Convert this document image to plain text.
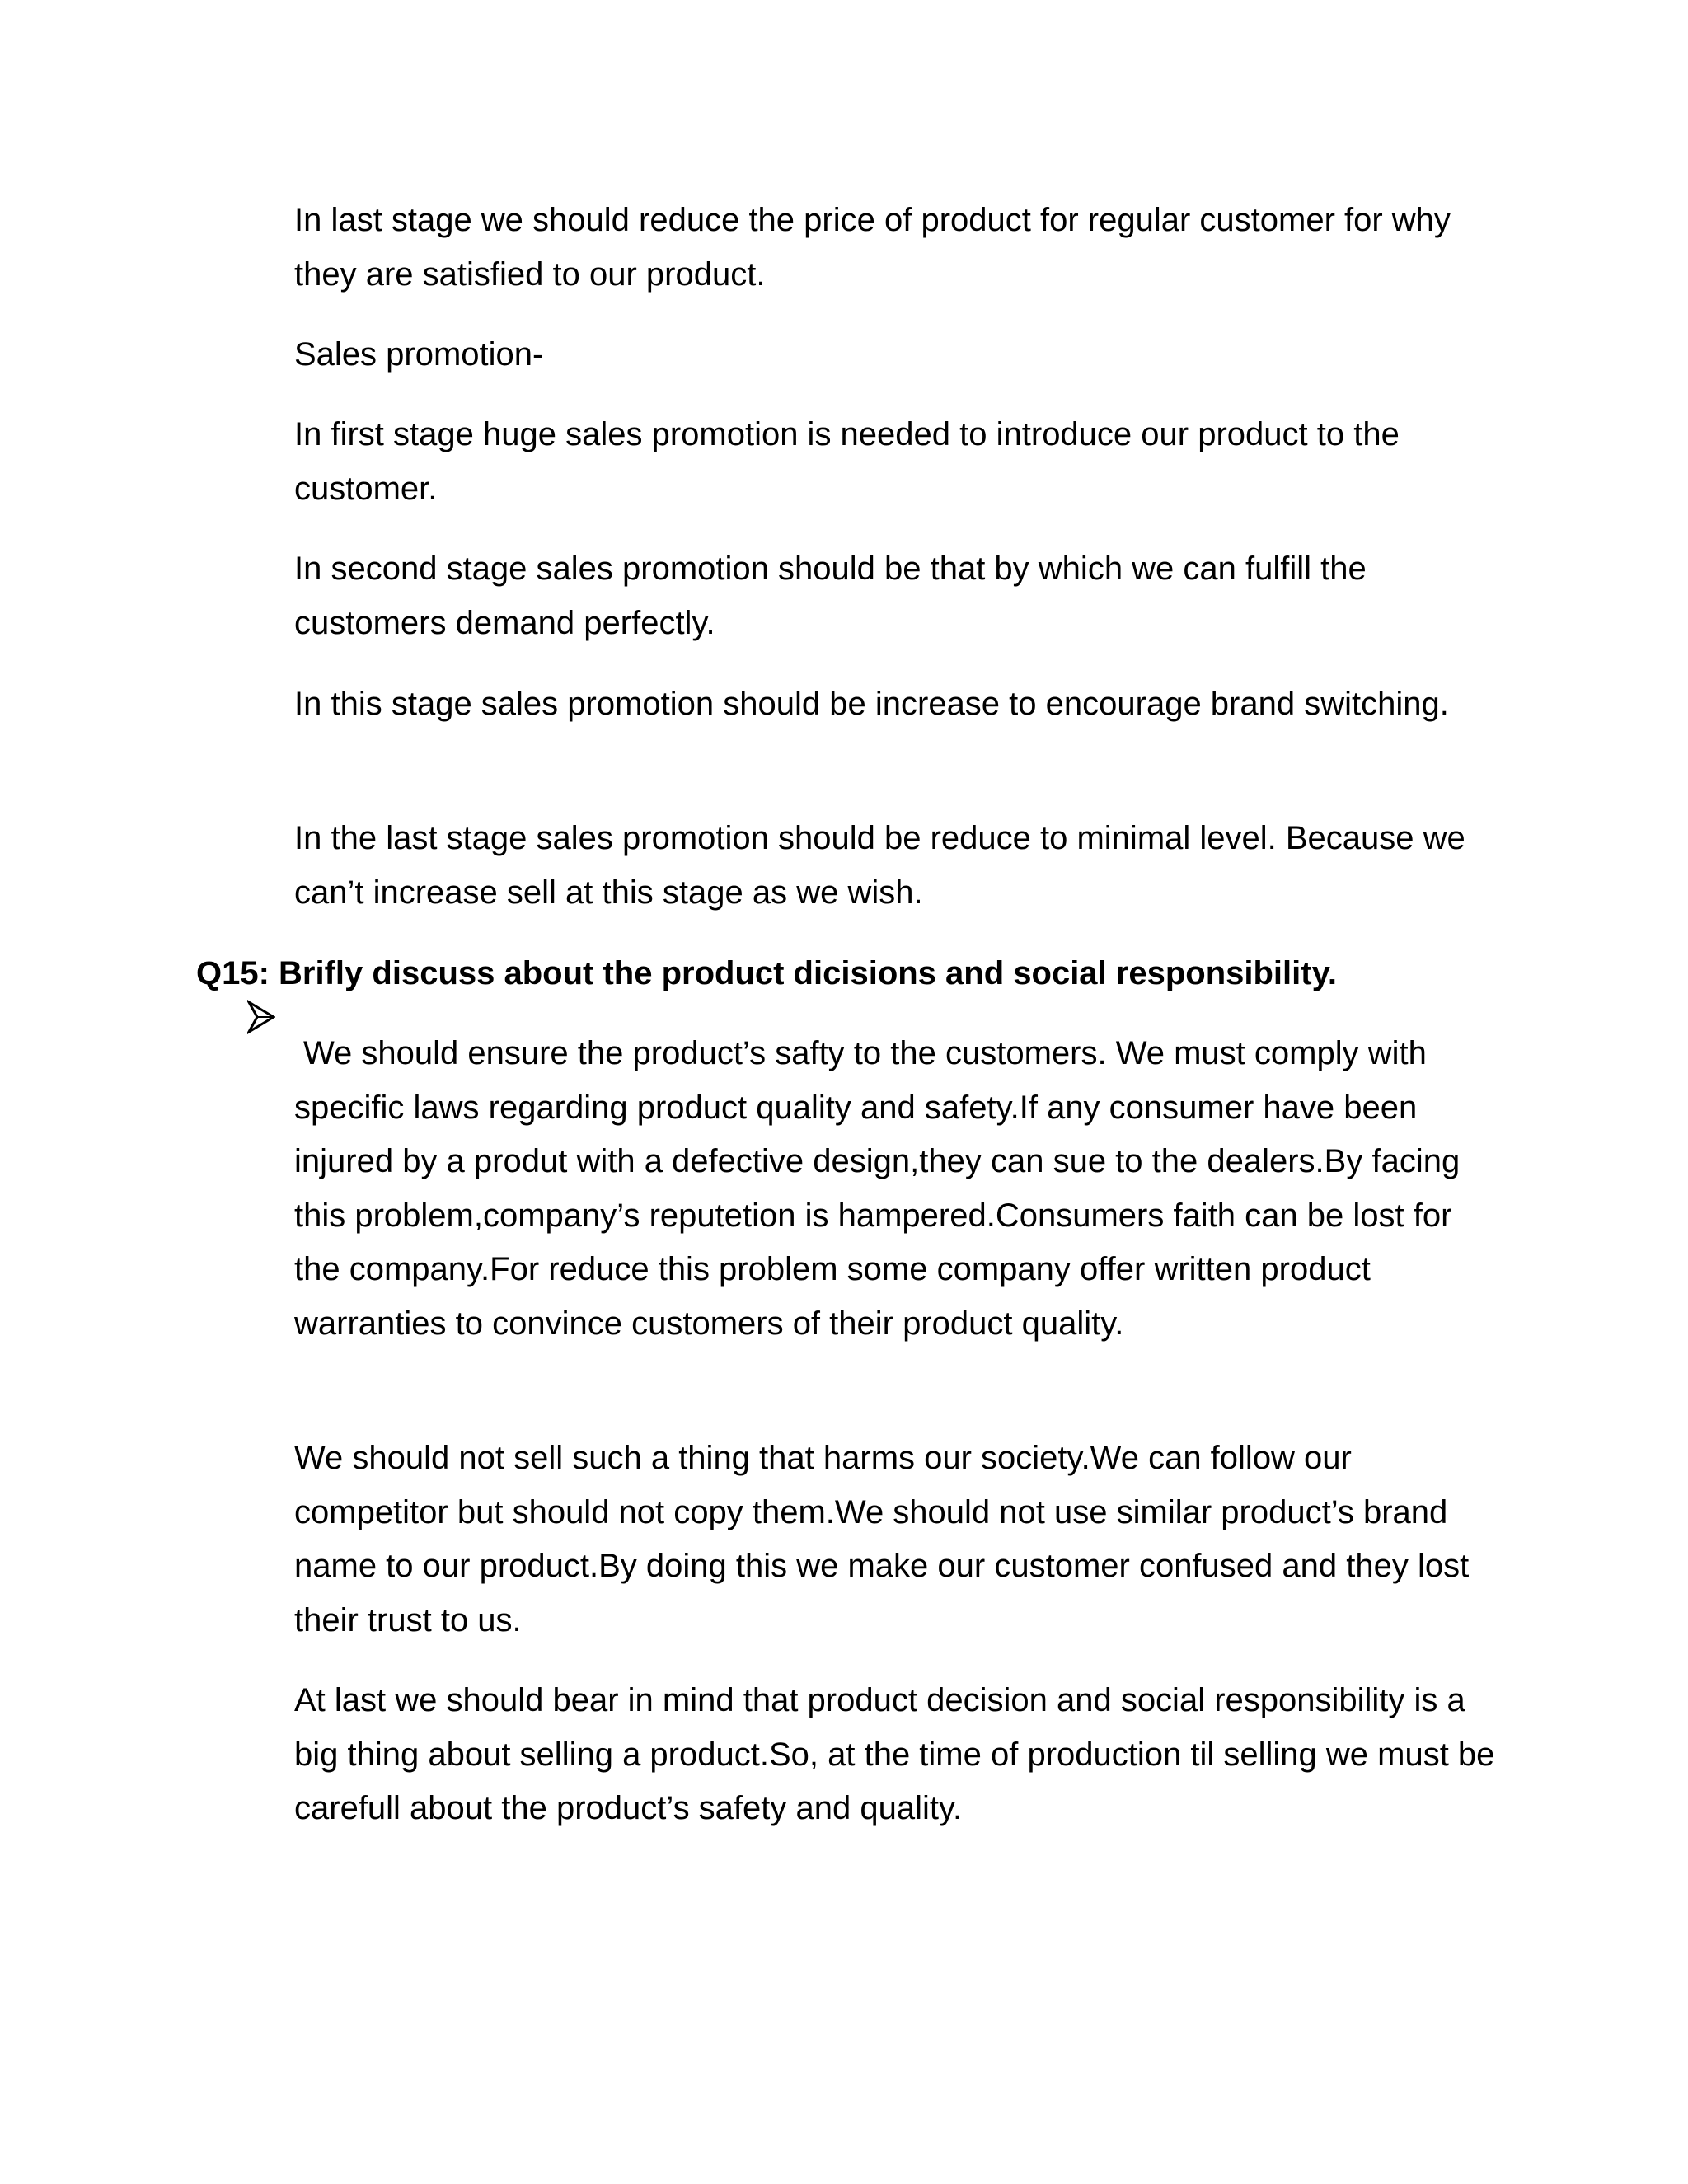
In last stage we should reduce the price of product for regular customer for why they are satisfied to our product.

Sales promotion-

In first stage huge sales promotion is needed to introduce our product to the customer.

In second stage sales promotion should be that by which we can fulfill the customers demand perfectly.

In this stage sales promotion should be increase to encourage brand switching.

In the last stage sales promotion should be reduce to minimal level. Because we can’t increase sell at this stage as we wish.

Q15: Brifly discuss about the product dicisions and social responsibility.

We should ensure the product’s safty to the customers. We must comply with specific laws regarding product quality and safety.If any consumer have been injured by a produt with a defective design,they can sue to the dealers.By facing this problem,company’s reputetion is hampered.Consumers faith can be lost for the company.For reduce this problem some company offer written product warranties to convince customers of their product quality.

We should not sell such a thing that harms our society.We can follow our competitor but should not copy them.We should not use similar product’s brand name to our product.By doing this we make our customer confused and they lost their trust to us.

At last we should bear in mind that product decision and social responsibility is a big thing about selling a product.So, at the time of production til selling we must be carefull about the product’s safety and quality.
